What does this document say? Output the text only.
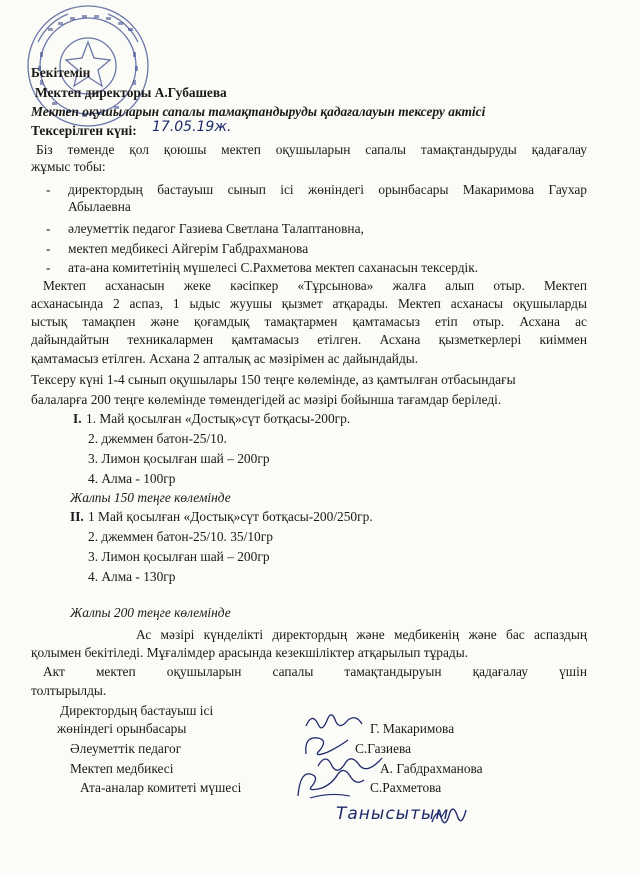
Бекітемін
Мектеп директоры А.Губашева
Мектеп оқушыларын сапалы тамақтандыруды қадағалауын тексеру актісі
Тексерілген күні: 17.05.19ж.
Біз төменде қол қоюшы мектеп оқушыларын сапалы тамақтандыруды қадағалау
жұмыс тобы:
- директордың бастауыш сынып ісі жөніндегі орынбасары Макаримова Гаухар
Абылаевна
- әлеуметтік педагог Газиева Светлана Талаптановна,
- мектеп медбикесі Айгерім Габдрахманова
- ата-ана комитетінің мүшелесі С.Рахметова мектеп саханасын тексердік.
Мектеп асханасын жеке кәсіпкер «Тұрсынова» жалға алып отыр. Мектеп
асханасында 2 аспаз, 1 ыдыс жуушы қызмет атқарады. Мектеп асханасы оқушыларды
ыстық тамақпен және қоғамдық тамақтармен қамтамасыз етіп отыр. Асхана ас
дайындайтын техникалармен қамтамасыз етілген. Асхана қызметкерлері киіммен
қамтамасыз етілген. Асхана 2 апталық ас мәзірімен ас дайындайды.
Тексеру күні 1-4 сынып оқушылары 150 теңге көлемінде, аз қамтылған отбасындағы
балаларға 200 теңге көлемінде төмендегідей ас мәзірі бойынша тағамдар беріледі.
I. 1. Май қосылған «Достық»сүт ботқасы-200гр.
2. джеммен батон-25/10.
3. Лимон қосылған шай – 200гр
4. Алма - 100гр
Жалпы 150 теңге көлемінде
II. 1 Май қосылған «Достық»сүт ботқасы-200/250гр.
2. джеммен батон-25/10. 35/10гр
3. Лимон қосылған шай – 200гр
4. Алма - 130гр
Жалпы 200 теңге көлемінде
Ас мәзірі күнделікті директордың және медбикенің және бас аспаздың
қолымен бекітіледі. Мұғалімдер арасында кезекшіліктер атқарылып тұрады.
Акт мектеп оқушыларын сапалы тамақтандыруын қадағалау үшін
толтырылды.
Директордың бастауыш ісі
жөніндегі орынбасары	Г. Макаримова
Әлеуметтік педагог	С.Газиева
Мектеп медбикесі	А. Габдрахманова
Ата-аналар комитеті мүшесі	С.Рахметова
Танысытым
